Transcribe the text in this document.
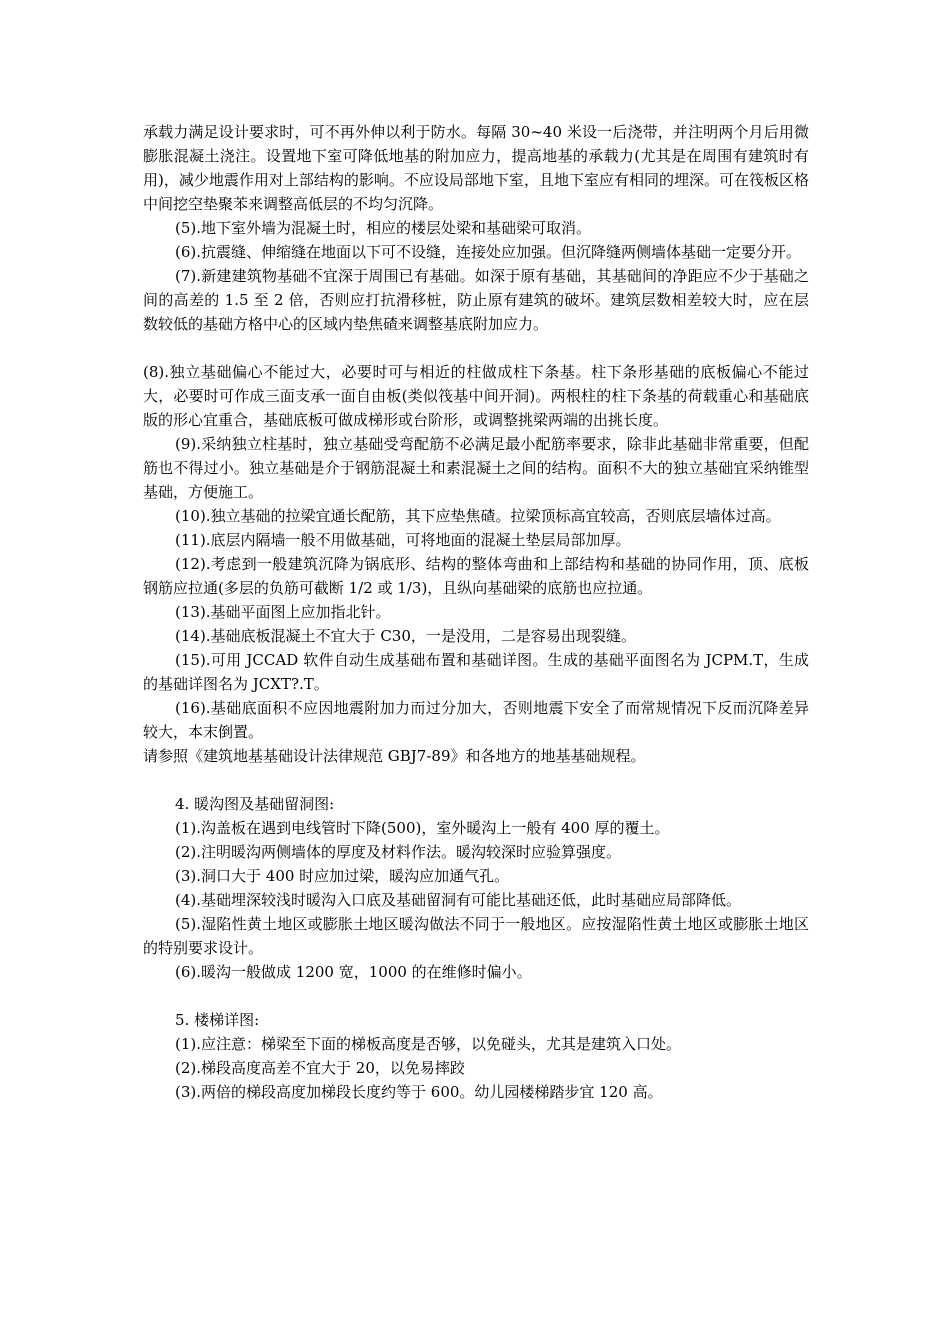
承载力满足设计要求时，可不再外伸以利于防水。每隔 30~40 米设一后浇带，并注明两个月后用微膨胀混凝土浇注。设置地下室可降低地基的附加应力，提高地基的承载力(尤其是在周围有建筑时有用)，减少地震作用对上部结构的影响。不应设局部地下室，且地下室应有相同的埋深。可在筏板区格中间挖空垫聚苯来调整高低层的不均匀沉降。

(5).地下室外墙为混凝土时，相应的楼层处梁和基础梁可取消。

(6).抗震缝、伸缩缝在地面以下可不设缝，连接处应加强。但沉降缝两侧墙体基础一定要分开。

(7).新建建筑物基础不宜深于周围已有基础。如深于原有基础，其基础间的净距应不少于基础之间的高差的 1.5 至 2 倍，否则应打抗滑移桩，防止原有建筑的破坏。建筑层数相差较大时，应在层数较低的基础方格中心的区域内垫焦碴来调整基底附加应力。

(8).独立基础偏心不能过大，必要时可与相近的柱做成柱下条基。柱下条形基础的底板偏心不能过大，必要时可作成三面支承一面自由板(类似筏基中间开洞)。两根柱的柱下条基的荷载重心和基础底版的形心宜重合，基础底板可做成梯形或台阶形，或调整挑梁两端的出挑长度。

(9).采纳独立柱基时，独立基础受弯配筋不必满足最小配筋率要求，除非此基础非常重要，但配筋也不得过小。独立基础是介于钢筋混凝土和素混凝土之间的结构。面积不大的独立基础宜采纳锥型基础，方便施工。

(10).独立基础的拉梁宜通长配筋，其下应垫焦碴。拉梁顶标高宜较高，否则底层墙体过高。

(11).底层内隔墙一般不用做基础，可将地面的混凝土垫层局部加厚。

(12).考虑到一般建筑沉降为锅底形、结构的整体弯曲和上部结构和基础的协同作用，顶、底板钢筋应拉通(多层的负筋可截断 1/2 或 1/3)，且纵向基础梁的底筋也应拉通。

(13).基础平面图上应加指北针。

(14).基础底板混凝土不宜大于 C30，一是没用，二是容易出现裂缝。

(15).可用 JCCAD 软件自动生成基础布置和基础详图。生成的基础平面图名为 JCPM.T，生成的基础详图名为 JCXT?.T。

(16).基础底面积不应因地震附加力而过分加大，否则地震下安全了而常规情况下反而沉降差异较大，本末倒置。

请参照《建筑地基基础设计法律规范 GBJ7-89》和各地方的地基基础规程。

4. 暖沟图及基础留洞图:

(1).沟盖板在遇到电线管时下降(500)，室外暖沟上一般有 400 厚的覆土。

(2).注明暖沟两侧墙体的厚度及材料作法。暖沟较深时应验算强度。

(3).洞口大于 400 时应加过梁，暖沟应加通气孔。

(4).基础埋深较浅时暖沟入口底及基础留洞有可能比基础还低，此时基础应局部降低。

(5).湿陷性黄土地区或膨胀土地区暖沟做法不同于一般地区。应按湿陷性黄土地区或膨胀土地区的特别要求设计。

(6).暖沟一般做成 1200 宽，1000 的在维修时偏小。

5. 楼梯详图:

(1).应注意：梯梁至下面的梯板高度是否够，以免碰头，尤其是建筑入口处。

(2).梯段高度高差不宜大于 20，以免易摔跤

(3).两倍的梯段高度加梯段长度约等于 600。幼儿园楼梯踏步宜 120 高。
